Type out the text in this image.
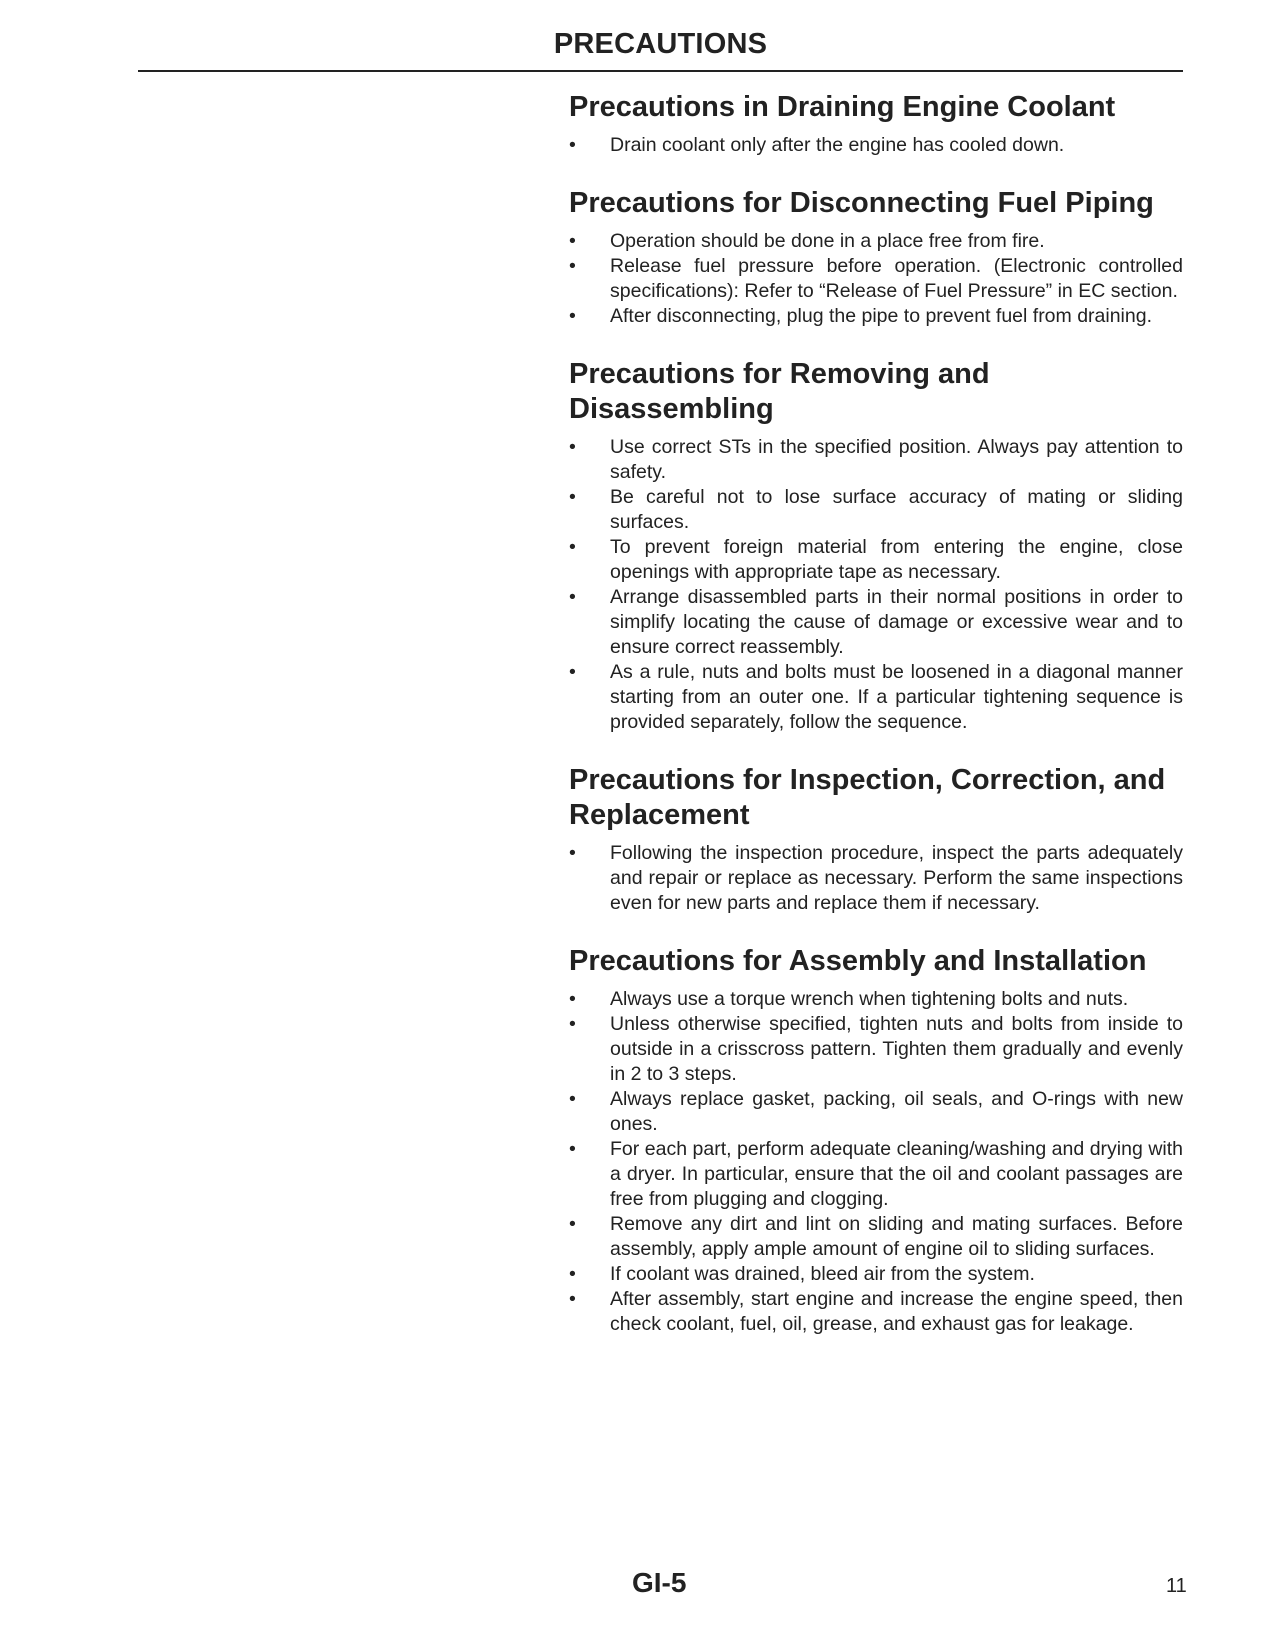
PRECAUTIONS
Precautions in Draining Engine Coolant
• Drain coolant only after the engine has cooled down.
Precautions for Disconnecting Fuel Piping
• Operation should be done in a place free from fire.
• Release fuel pressure before operation. (Electronic controlled specifications): Refer to “Release of Fuel Pressure” in EC section.
• After disconnecting, plug the pipe to prevent fuel from draining.
Precautions for Removing and Disassembling
• Use correct STs in the specified position. Always pay attention to safety.
• Be careful not to lose surface accuracy of mating or sliding surfaces.
• To prevent foreign material from entering the engine, close openings with appropriate tape as necessary.
• Arrange disassembled parts in their normal positions in order to simplify locating the cause of damage or excessive wear and to ensure correct reassembly.
• As a rule, nuts and bolts must be loosened in a diagonal manner starting from an outer one. If a particular tightening sequence is provided separately, follow the sequence.
Precautions for Inspection, Correction, and Replacement
• Following the inspection procedure, inspect the parts adequately and repair or replace as necessary. Perform the same inspections even for new parts and replace them if necessary.
Precautions for Assembly and Installation
• Always use a torque wrench when tightening bolts and nuts.
• Unless otherwise specified, tighten nuts and bolts from inside to outside in a crisscross pattern. Tighten them gradually and evenly in 2 to 3 steps.
• Always replace gasket, packing, oil seals, and O-rings with new ones.
• For each part, perform adequate cleaning/washing and drying with a dryer. In particular, ensure that the oil and coolant passages are free from plugging and clogging.
• Remove any dirt and lint on sliding and mating surfaces. Before assembly, apply ample amount of engine oil to sliding surfaces.
• If coolant was drained, bleed air from the system.
• After assembly, start engine and increase the engine speed, then check coolant, fuel, oil, grease, and exhaust gas for leakage.
GI-5	11
